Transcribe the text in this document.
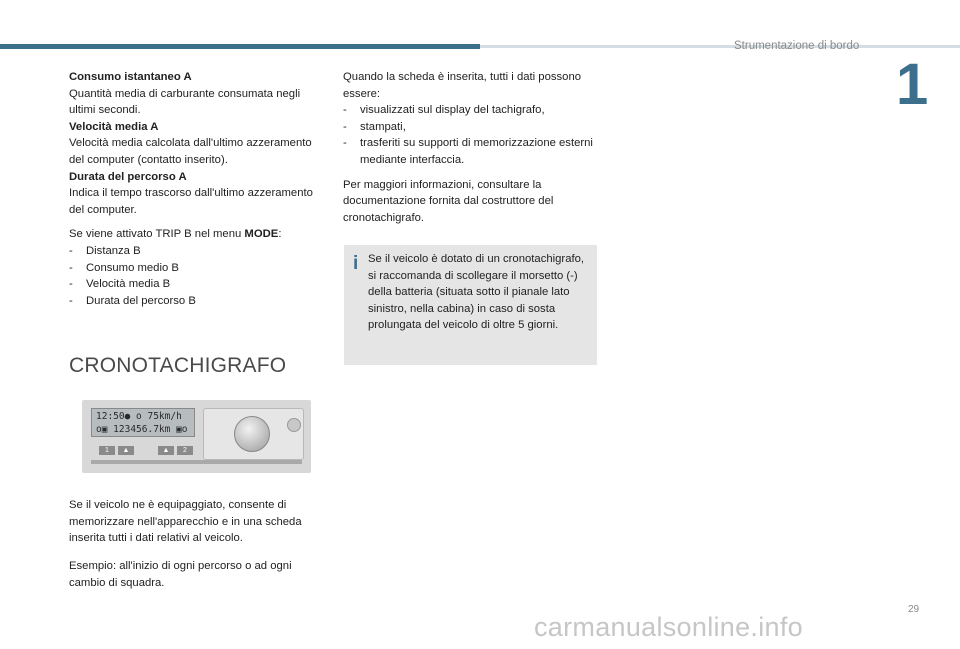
Strumentazione di bordo
1

Consumo istantaneo A

Quantità media di carburante consumata negli ultimi secondi.

Velocità media A

Velocità media calcolata dall'ultimo azzeramento del computer (contatto inserito).

Durata del percorso A

Indica il tempo trascorso dall'ultimo azzeramento del computer.

Se viene attivato TRIP B nel menu MODE:

- Distanza B
- Consumo medio B
- Velocità media B
- Durata del percorso B
CRONOTACHIGRAFO
12:50● o 75km/h
o▣ 123456.7km ▣o
1	▲	▲	2

Se il veicolo ne è equipaggiato, consente di memorizzare nell'apparecchio e in una scheda inserita tutti i dati relativi al veicolo.

Esempio: all'inizio di ogni percorso o ad ogni cambio di squadra.

Quando la scheda è inserita, tutti i dati possono essere:

- visualizzati sul display del tachigrafo,
- stampati,
- trasferiti su supporti di memorizzazione esterni mediante interfaccia.

Per maggiori informazioni, consultare la documentazione fornita dal costruttore del cronotachigrafo.

i Se il veicolo è dotato di un cronotachigrafo, si raccomanda di scollegare il morsetto (-) della batteria (situata sotto il pianale lato sinistro, nella cabina) in caso di sosta prolungata del veicolo di oltre 5 giorni.
29
carmanualsonline.info
